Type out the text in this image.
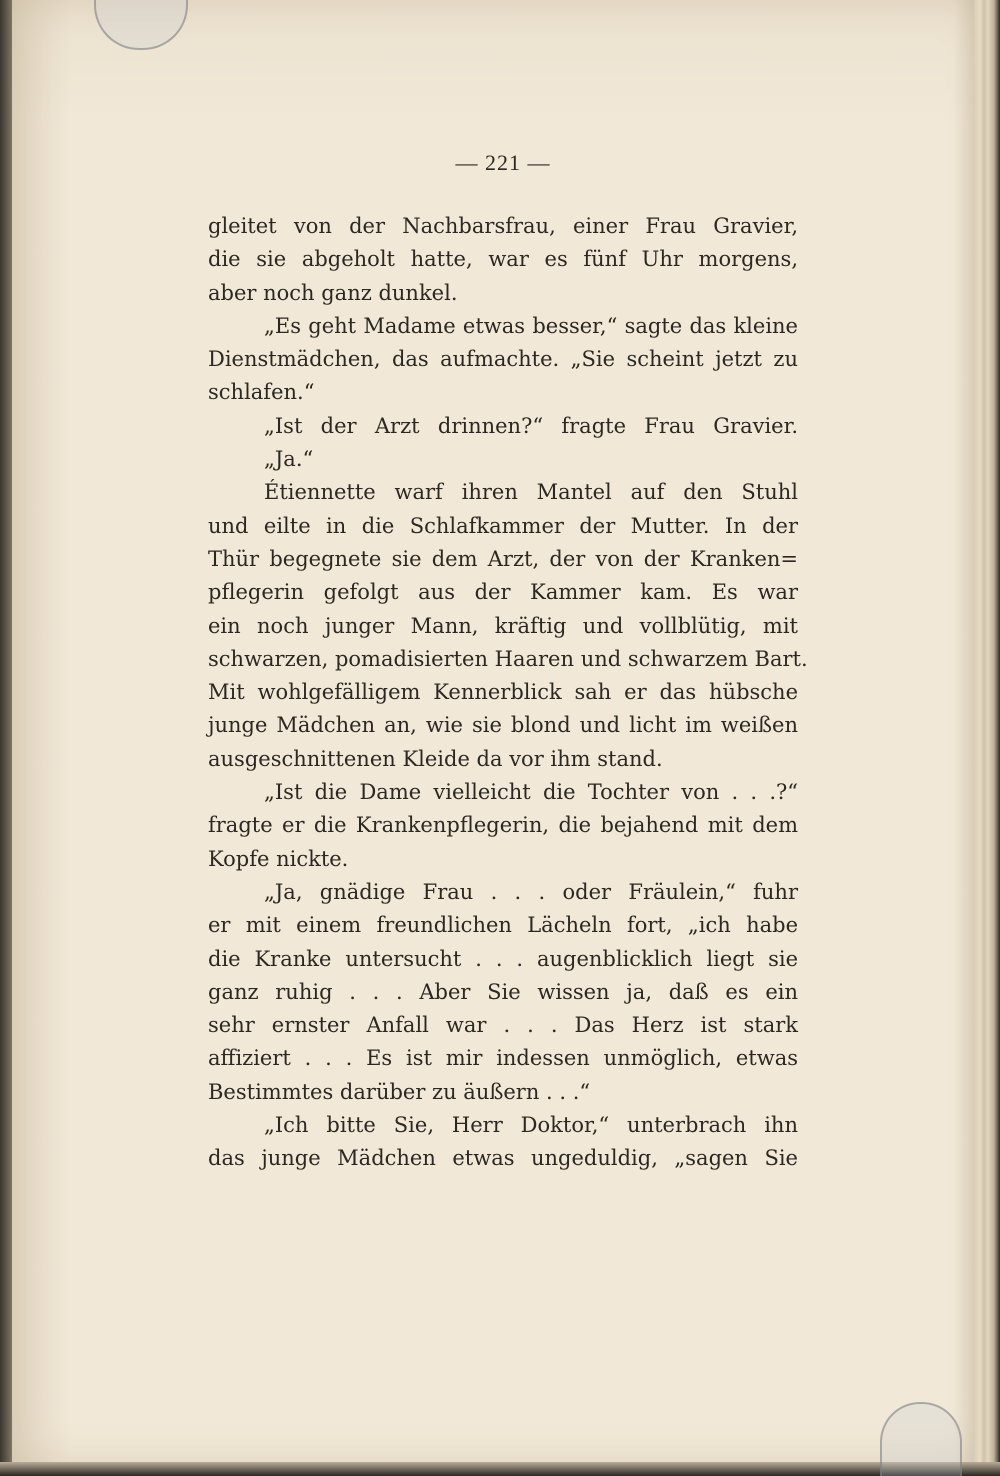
— 221 —
gleitet von der Nachbarsfrau, einer Frau Gravier,
die sie abgeholt hatte, war es fünf Uhr morgens,
aber noch ganz dunkel.
„Es geht Madame etwas besser,“ sagte das kleine
Dienstmädchen, das aufmachte. „Sie scheint jetzt zu
schlafen.“
„Ist der Arzt drinnen?“ fragte Frau Gravier.
„Ja.“
Étiennette warf ihren Mantel auf den Stuhl
und eilte in die Schlafkammer der Mutter. In der
Thür begegnete sie dem Arzt, der von der Kranken=
pflegerin gefolgt aus der Kammer kam. Es war
ein noch junger Mann, kräftig und vollblütig, mit
schwarzen, pomadisierten Haaren und schwarzem Bart.
Mit wohlgefälligem Kennerblick sah er das hübsche
junge Mädchen an, wie sie blond und licht im weißen
ausgeschnittenen Kleide da vor ihm stand.
„Ist die Dame vielleicht die Tochter von . . .?“
fragte er die Krankenpflegerin, die bejahend mit dem
Kopfe nickte.
„Ja, gnädige Frau . . . oder Fräulein,“ fuhr
er mit einem freundlichen Lächeln fort, „ich habe
die Kranke untersucht . . . augenblicklich liegt sie
ganz ruhig . . . Aber Sie wissen ja, daß es ein
sehr ernster Anfall war . . . Das Herz ist stark
affiziert . . . Es ist mir indessen unmöglich, etwas
Bestimmtes darüber zu äußern . . .“
„Ich bitte Sie, Herr Doktor,“ unterbrach ihn
das junge Mädchen etwas ungeduldig, „sagen Sie
